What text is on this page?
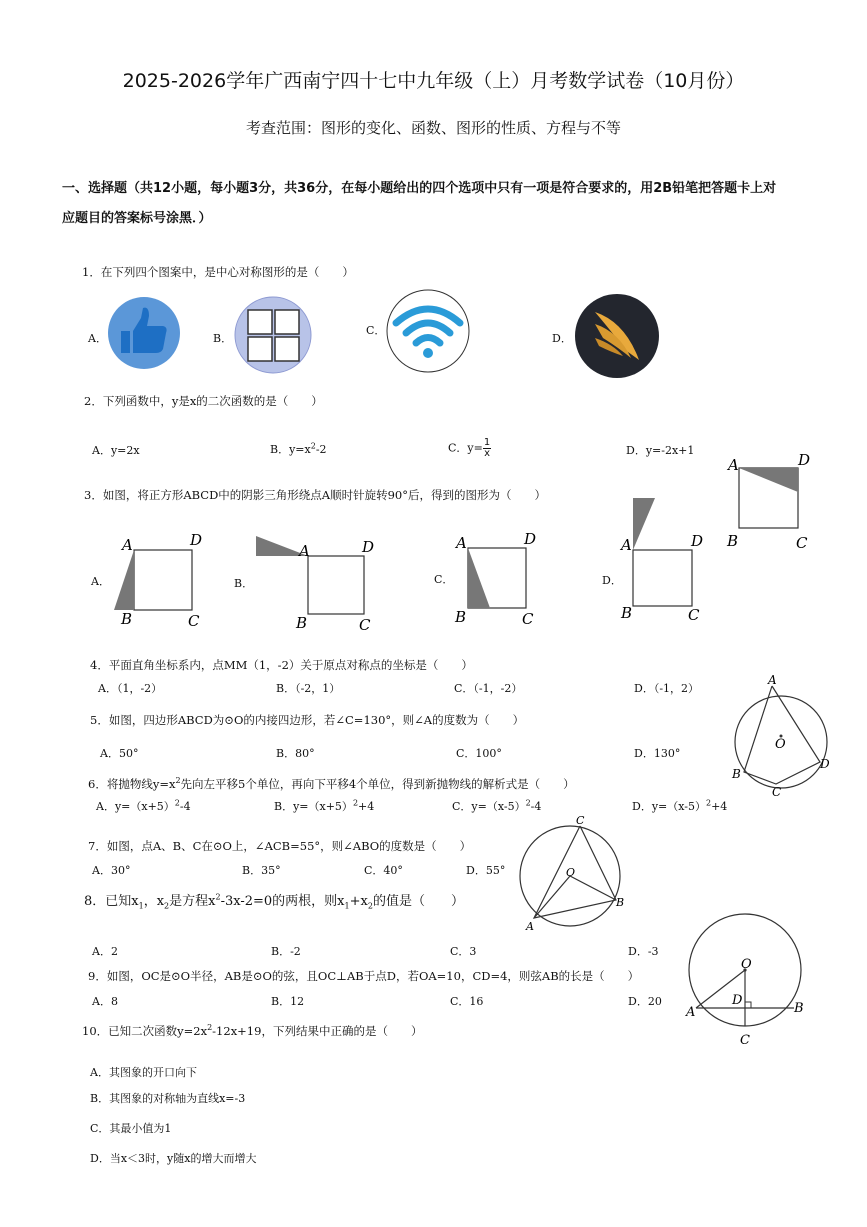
2025-2026学年广西南宁四十七中九年级（上）月考数学试卷（10月份）
考查范围：图形的变化、函数、图形的性质、方程与不等
一、选择题（共12小题，每小题3分，共36分，在每小题给出的四个选项中只有一项是符合要求的，用2B铅笔把答题卡上对
应题目的答案标号涂黑．）
1．在下列四个图案中，是中心对称图形的是（　　）
A．	B．
C．
D．
2．下列函数中，y是x的二次函数的是（　　）
A．y=2x	B．$y=x^2-2$	C．$y= \frac{1}{x}$	D．y=-2x+1
3．如图，将正方形ABCD中的阴影三角形绕点A顺时针旋转90°后，得到的图形为（　　）
A	D
B	C
A．
A	D
B	C
B．
A	D
B	C
C．
A	D
B	C
D．
A	D
B	C
4．平面直角坐标系内，点MM（1，-2）关于原点对称点的坐标是（　　）
A．（1，-2）	B．（-2，1）	C．（-1，-2）	D．（-1，2）
5．如图，四边形ABCD为⊙O的内接四边形，若∠C=130°，则∠A的度数为（　　）
A．50°	B．80°	C．100°	D．130°
A
B
C
D
O
6．将抛物线$y=x^2$先向左平移5个单位，再向下平移4个单位，得到新抛物线的解析式是（　　）
A．$y=(x+5)^2-4$	B．$y=(x+5)^2+4$	C．$y=(x-5)^2-4$	D．$y=(x-5)^2+4$
7．如图，点A、B、C在⊙O上，∠ACB=55°，则∠ABO的度数是（　　）
A．30°	B．35°	C．40°	D．55°
C
A
B
O
8．已知$x_1$，$x_2$是方程$x^2-3x-2=0$的两根，则$x_1+x_2$的值是（　　）
A．2	B．-2	C．3	D．-3
9．如图，OC是⊙O半径，AB是⊙O的弦，且OC⊥AB于点D，若OA=10，CD=4，则弦AB的长是（　　）
A．8	B．12	C．16	D．20
O
A	B
D
C
10．已知二次函数$y=2x^2-12x+19$，下列结果中正确的是（　　）
A．其图象的开口向下
B．其图象的对称轴为直线x=-3
C．其最小值为1
D．当x＜3时，y随x的增大而增大
